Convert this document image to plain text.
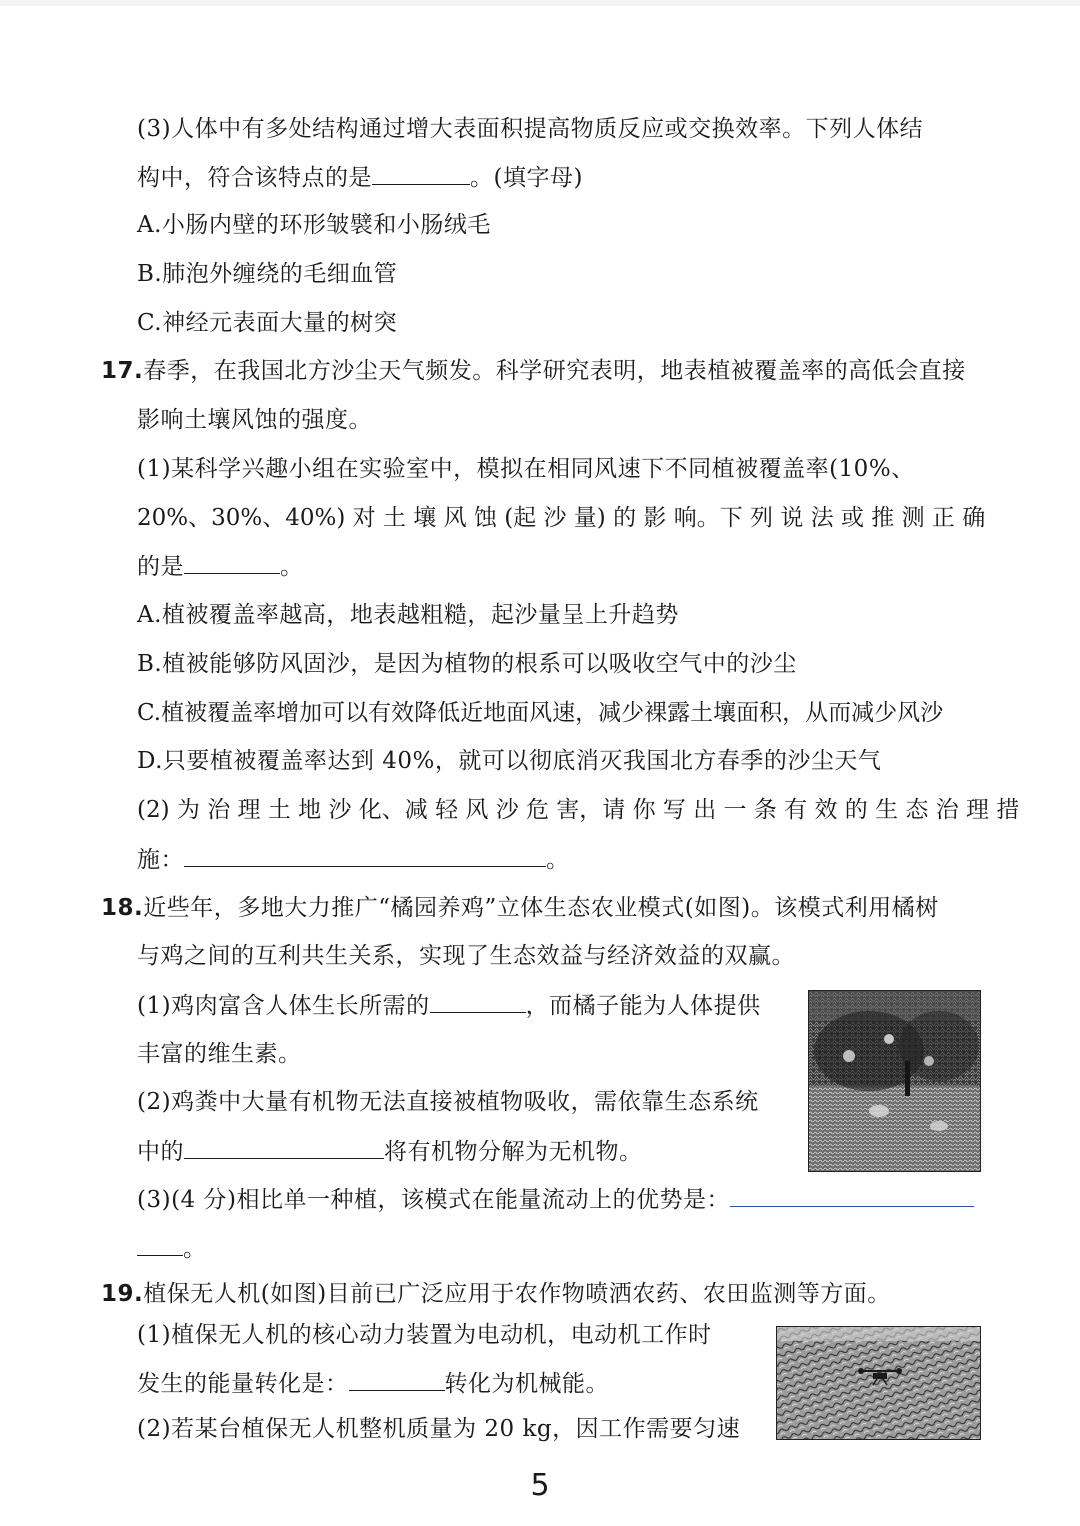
(3)人体中有多处结构通过增大表面积提高物质反应或交换效率。下列人体结
构中，符合该特点的是	。(填字母)
A.小肠内壁的环形皱襞和小肠绒毛
B.肺泡外缠绕的毛细血管
C.神经元表面大量的树突
17.春季，在我国北方沙尘天气频发。科学研究表明，地表植被覆盖率的高低会直接
影响土壤风蚀的强度。
(1)某科学兴趣小组在实验室中，模拟在相同风速下不同植被覆盖率(10%、
20%、30%、40%) 对 土 壤 风 蚀 (起 沙 量) 的 影 响。下 列 说 法 或 推 测 正 确
的是	。
A.植被覆盖率越高，地表越粗糙，起沙量呈上升趋势
B.植被能够防风固沙，是因为植物的根系可以吸收空气中的沙尘
C.植被覆盖率增加可以有效降低近地面风速，减少裸露土壤面积，从而减少风沙
D.只要植被覆盖率达到 40%，就可以彻底消灭我国北方春季的沙尘天气
(2) 为 治 理 土 地 沙 化、减 轻 风 沙 危 害，请 你 写 出 一 条 有 效 的 生 态 治 理 措
施：	。
18.近些年，多地大力推广“橘园养鸡”立体生态农业模式(如图)。该模式利用橘树
与鸡之间的互利共生关系，实现了生态效益与经济效益的双赢。
(1)鸡肉富含人体生长所需的	，而橘子能为人体提供
丰富的维生素。
(2)鸡粪中大量有机物无法直接被植物吸收，需依靠生态系统
中的	将有机物分解为无机物。
(3)(4 分)相比单一种植，该模式在能量流动上的优势是：
。
19.植保无人机(如图)目前已广泛应用于农作物喷洒农药、农田监测等方面。
(1)植保无人机的核心动力装置为电动机，电动机工作时
发生的能量转化是：	转化为机械能。
(2)若某台植保无人机整机质量为 20 kg，因工作需要匀速
5
